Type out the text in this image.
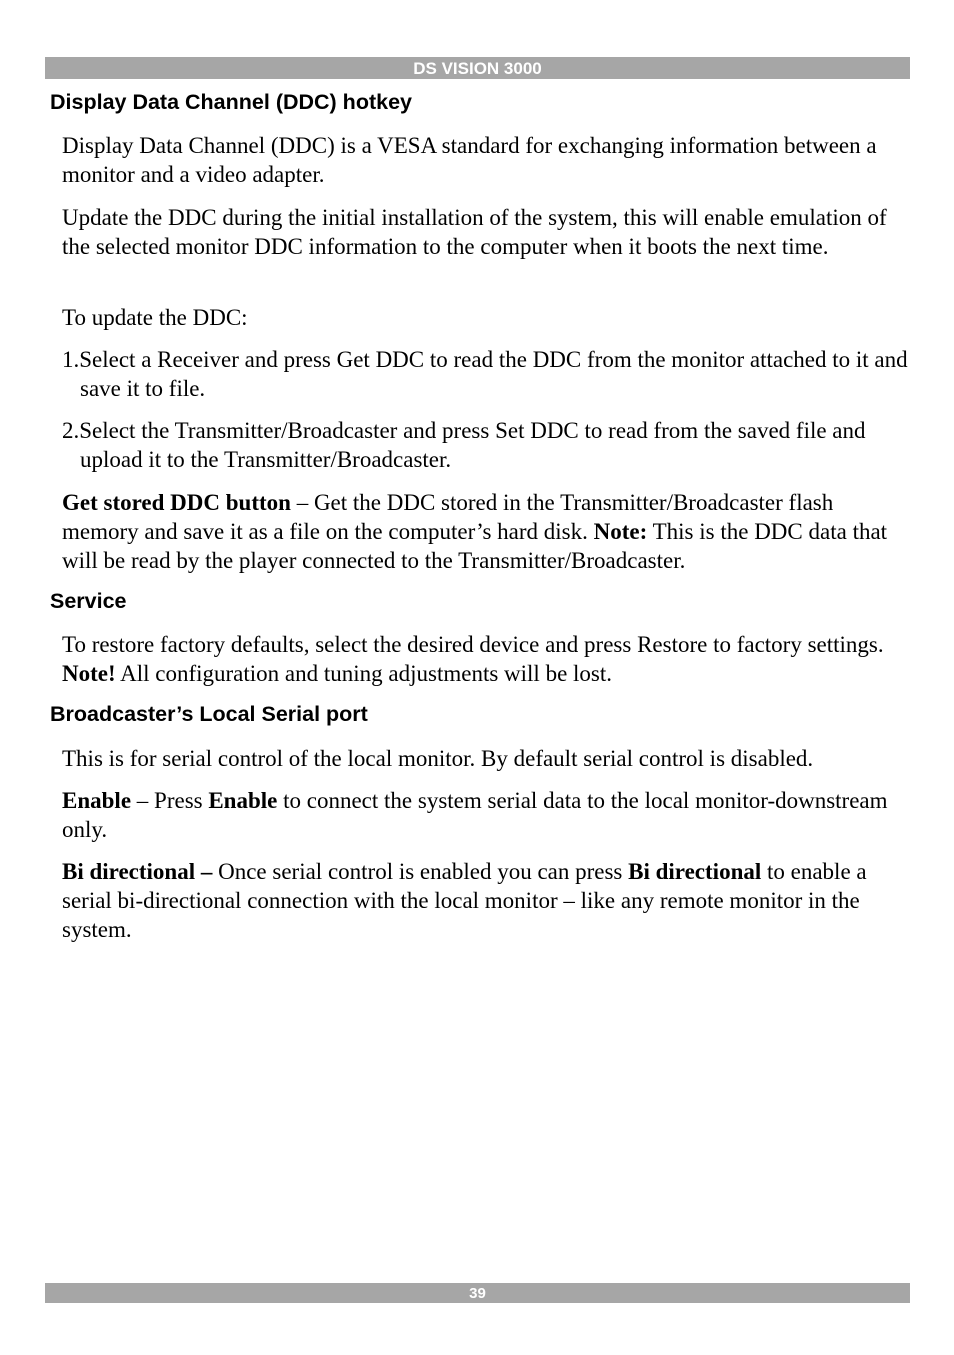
DS VISION 3000
Display Data Channel (DDC) hotkey

Display Data Channel (DDC) is a VESA standard for exchanging information between a monitor and a video adapter.

Update the DDC during the initial installation of the system, this will enable emulation of the selected monitor DDC information to the computer when it boots the next time.

To update the DDC:

1.Select a Receiver and press Get DDC to read the DDC from the monitor attached to it and save it to file.

2.Select the Transmitter/Broadcaster and press Set DDC to read from the saved file and upload it to the Transmitter/Broadcaster.

Get stored DDC button – Get the DDC stored in the Transmitter/Broadcaster flash memory and save it as a file on the computer’s hard disk. Note: This is the DDC data that will be read by the player connected to the Transmitter/Broadcaster.

Service

To restore factory defaults, select the desired device and press Restore to factory settings. Note! All configuration and tuning adjustments will be lost.

Broadcaster’s Local Serial port

This is for serial control of the local monitor. By default serial control is disabled.

Enable – Press Enable to connect the system serial data to the local monitor-downstream only.

Bi directional – Once serial control is enabled you can press Bi directional to enable a serial bi-directional connection with the local monitor – like any remote monitor in the system.

39
